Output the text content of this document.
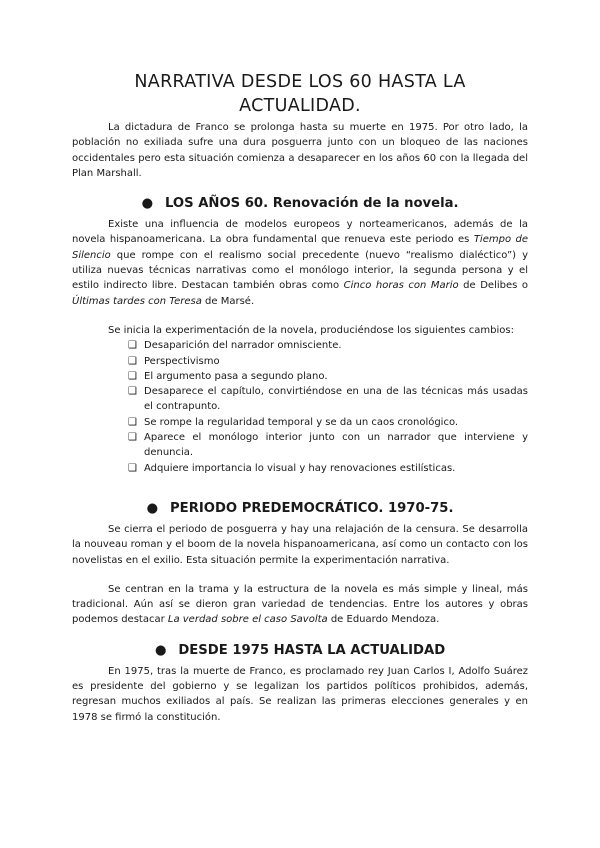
NARRATIVA DESDE LOS 60 HASTA LA ACTUALIDAD.

La dictadura de Franco se prolonga hasta su muerte en 1975. Por otro lado, la población no exiliada sufre una dura posguerra junto con un bloqueo de las naciones occidentales pero esta situación comienza a desaparecer en los años 60 con la llegada del Plan Marshall.

● LOS AÑOS 60. Renovación de la novela.

Existe una influencia de modelos europeos y norteamericanos, además de la novela hispanoamericana. La obra fundamental que renueva este periodo es Tiempo de Silencio que rompe con el realismo social precedente (nuevo “realismo dialéctico”) y utiliza nuevas técnicas narrativas como el monólogo interior, la segunda persona y el estilo indirecto libre. Destacan también obras como Cinco horas con Mario de Delibes o Últimas tardes con Teresa de Marsé.

Se inicia la experimentación de la novela, produciéndose los siguientes cambios:

❑ Desaparición del narrador omnisciente.
❑ Perspectivismo
❑ El argumento pasa a segundo plano.
❑ Desaparece el capítulo, convirtiéndose en una de las técnicas más usadas el contrapunto.
❑ Se rompe la regularidad temporal y se da un caos cronológico.
❑ Aparece el monólogo interior junto con un narrador que interviene y denuncia.
❑ Adquiere importancia lo visual y hay renovaciones estilísticas.
● PERIODO PREDEMOCRÁTICO. 1970-75.

Se cierra el periodo de posguerra y hay una relajación de la censura. Se desarrolla la nouveau roman y el boom de la novela hispanoamericana, así como un contacto con los novelistas en el exilio. Esta situación permite la experimentación narrativa.

Se centran en la trama y la estructura de la novela es más simple y lineal, más tradicional. Aún así se dieron gran variedad de tendencias. Entre los autores y obras podemos destacar La verdad sobre el caso Savolta de Eduardo Mendoza.

● DESDE 1975 HASTA LA ACTUALIDAD

En 1975, tras la muerte de Franco, es proclamado rey Juan Carlos I, Adolfo Suárez es presidente del gobierno y se legalizan los partidos políticos prohibidos, además, regresan muchos exiliados al país. Se realizan las primeras elecciones generales y en 1978 se firmó la constitución.
